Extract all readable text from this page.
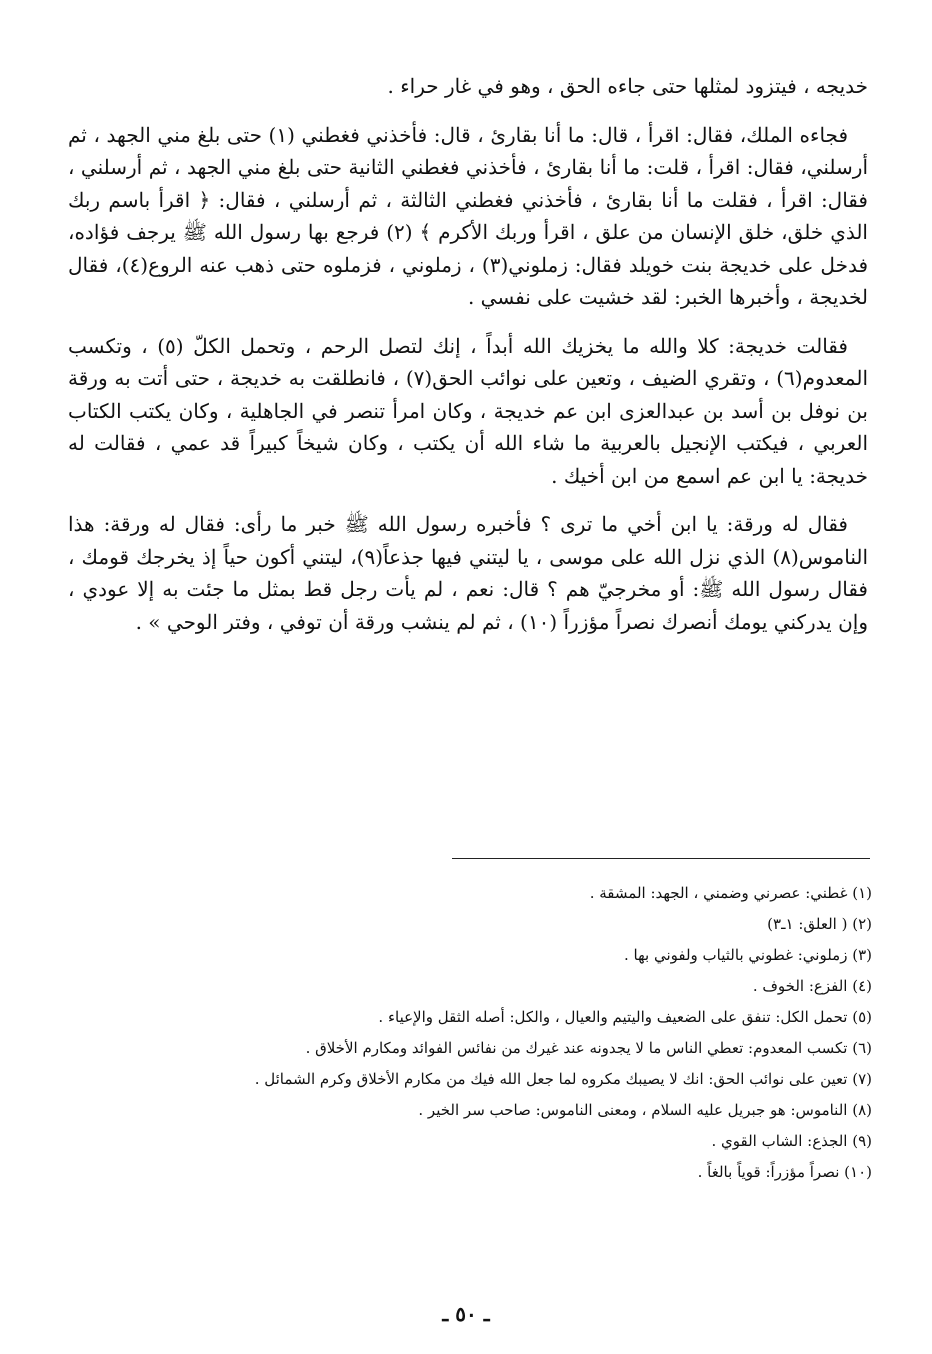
خديجه ، فيتزود لمثلها حتى جاءه الحق ، وهو في غار حراء .

فجاءه الملك، فقال: اقرأ ، قال: ما أنا بقارئ ، قال: فأخذني فغطني (١) حتى بلغ مني الجهد ، ثم أرسلني، فقال: اقرأ ، قلت: ما أنا بقارئ ، فأخذني فغطني الثانية حتى بلغ مني الجهد ، ثم أرسلني ، فقال: اقرأ ، فقلت ما أنا بقارئ ، فأخذني فغطني الثالثة ، ثم أرسلني ، فقال: ﴿ اقرأ باسم ربك الذي خلق، خلق الإنسان من علق ، اقرأ وربك الأكرم ﴾ (٢) فرجع بها رسول الله ﷺ يرجف فؤاده، فدخل على خديجة بنت خويلد فقال: زملوني(٣) ، زملوني ، فزملوه حتى ذهب عنه الروع(٤)، فقال لخديجة ، وأخبرها الخبر: لقد خشيت على نفسي .

فقالت خديجة: كلا والله ما يخزيك الله أبداً ، إنك لتصل الرحم ، وتحمل الكلّ (٥) ، وتكسب المعدوم(٦) ، وتقري الضيف ، وتعين على نوائب الحق(٧) ، فانطلقت به خديجة ، حتى أتت به ورقة بن نوفل بن أسد بن عبدالعزى ابن عم خديجة ، وكان امرأ تنصر في الجاهلية ، وكان يكتب الكتاب العربي ، فيكتب الإنجيل بالعربية ما شاء الله أن يكتب ، وكان شيخاً كبيراً قد عمي ، فقالت له خديجة: يا ابن عم اسمع من ابن أخيك .

فقال له ورقة: يا ابن أخي ما ترى ؟ فأخبره رسول الله ﷺ خبر ما رأى: فقال له ورقة: هذا الناموس(٨) الذي نزل الله على موسى ، يا ليتني فيها جذعاً(٩)، ليتني أكون حياً إذ يخرجك قومك ، فقال رسول الله ﷺ: أو مخرجيّ هم ؟ قال: نعم ، لم يأت رجل قط بمثل ما جئت به إلا عودي ، وإن يدركني يومك أنصرك نصراً مؤزراً (١٠) ، ثم لم ينشب ورقة أن توفي ، وفتر الوحي » .

(١) غطني: عصرني وضمني ، الجهد: المشقة .

(٢) ( العلق: ١ـ٣)

(٣) زملوني: غطوني بالثياب ولفوني بها .

(٤) الفزع: الخوف .

(٥) تحمل الكل: تنفق على الضعيف واليتيم والعيال ، والكل: أصله الثقل والإعياء .

(٦) تكسب المعدوم: تعطي الناس ما لا يجدونه عند غيرك من نفائس الفوائد ومكارم الأخلاق .

(٧) تعين على نوائب الحق: انك لا يصيبك مكروه لما جعل الله فيك من مكارم الأخلاق وكرم الشمائل .

(٨) الناموس: هو جبريل عليه السلام ، ومعنى الناموس: صاحب سر الخير .

(٩) الجذع: الشاب القوي .

(١٠) نصراً مؤزراً: قوياً بالغاً .

ـ ٥٠ ـ
